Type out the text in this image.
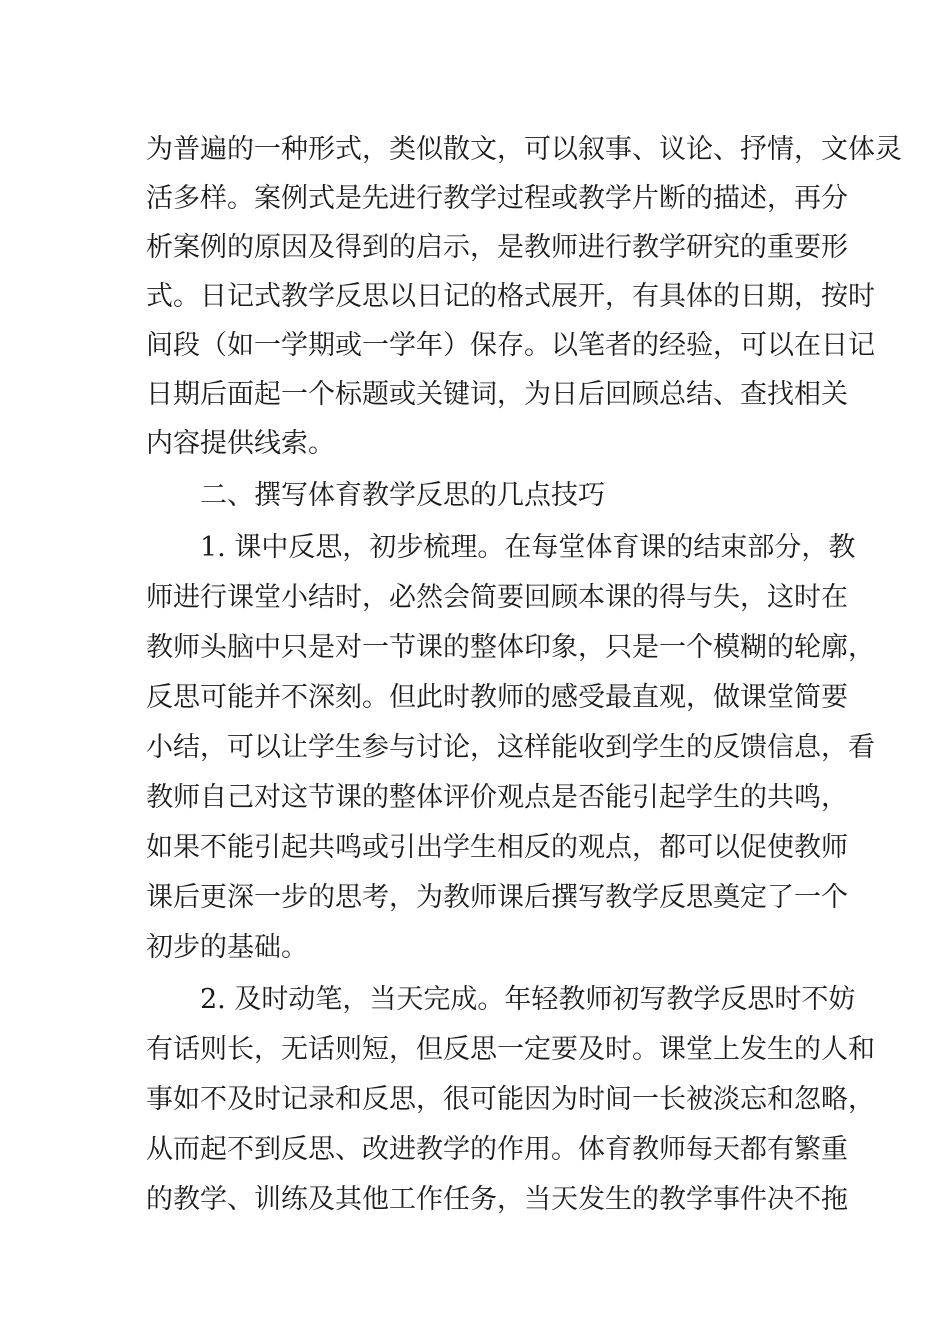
为普遍的一种形式，类似散文，可以叙事、议论、抒情，文体灵
活多样。案例式是先进行教学过程或教学片断的描述，再分
析案例的原因及得到的启示，是教师进行教学研究的重要形
式。日记式教学反思以日记的格式展开，有具体的日期，按时
间段（如一学期或一学年）保存。以笔者的经验，可以在日记
日期后面起一个标题或关键词，为日后回顾总结、查找相关
内容提供线索。
二、撰写体育教学反思的几点技巧
1. 课中反思，初步梳理。在每堂体育课的结束部分，教
师进行课堂小结时，必然会简要回顾本课的得与失，这时在
教师头脑中只是对一节课的整体印象，只是一个模糊的轮廓，
反思可能并不深刻。但此时教师的感受最直观，做课堂简要
小结，可以让学生参与讨论，这样能收到学生的反馈信息，看
教师自己对这节课的整体评价观点是否能引起学生的共鸣，
如果不能引起共鸣或引出学生相反的观点，都可以促使教师
课后更深一步的思考，为教师课后撰写教学反思奠定了一个
初步的基础。
2. 及时动笔，当天完成。年轻教师初写教学反思时不妨
有话则长，无话则短，但反思一定要及时。课堂上发生的人和
事如不及时记录和反思，很可能因为时间一长被淡忘和忽略，
从而起不到反思、改进教学的作用。体育教师每天都有繁重
的教学、训练及其他工作任务，当天发生的教学事件决不拖
